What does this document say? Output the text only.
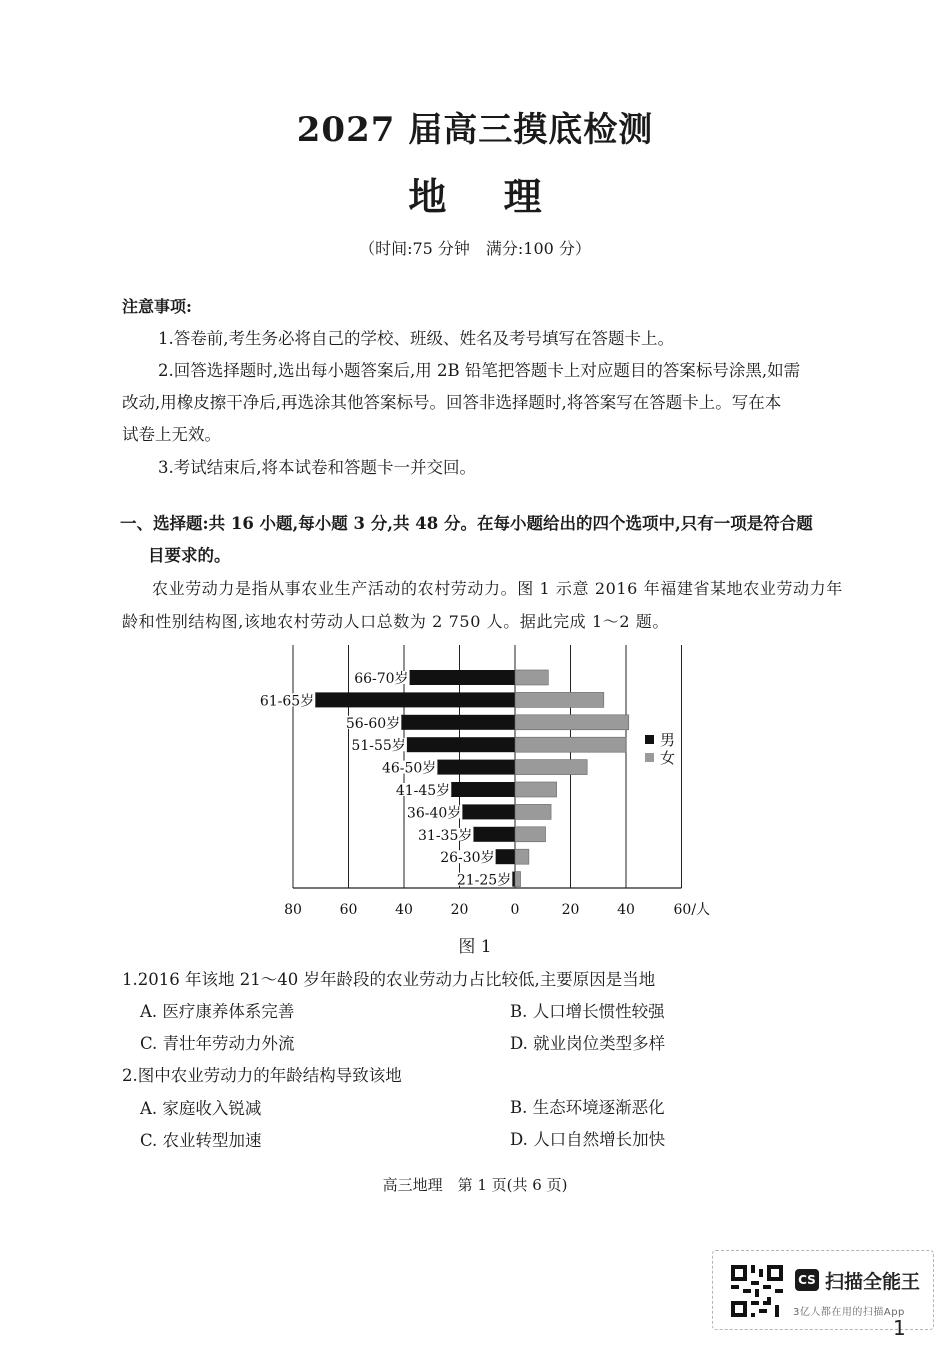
2027 届高三摸底检测
地 理
（时间:75 分钟　满分:100 分）
注意事项:
1.答卷前,考生务必将自己的学校、班级、姓名及考号填写在答题卡上。
2.回答选择题时,选出每小题答案后,用 2B 铅笔把答题卡上对应题目的答案标号涂黑,如需
改动,用橡皮擦干净后,再选涂其他答案标号。回答非选择题时,将答案写在答题卡上。写在本
试卷上无效。
3.考试结束后,将本试卷和答题卡一并交回。
一、选择题:共 16 小题,每小题 3 分,共 48 分。在每小题给出的四个选项中,只有一项是符合题
目要求的。
农业劳动力是指从事农业生产活动的农村劳动力。图 1 示意 2016 年福建省某地农业劳动力年龄和性别结构图,该地农村劳动人口总数为 2 750 人。据此完成 1～2 题。
66-70岁
61-65岁
56-60岁
51-55岁
46-50岁
41-45岁
36-40岁
31-35岁
26-30岁
21-25岁
80	60	40	20	0	20	40	60/人
男
女
图 1
1.2016 年该地 21～40 岁年龄段的农业劳动力占比较低,主要原因是当地
A. 医疗康养体系完善	B. 人口增长惯性较强
C. 青壮年劳动力外流	D. 就业岗位类型多样
2.图中农业劳动力的年龄结构导致该地
A. 家庭收入锐减	B. 生态环境逐渐恶化
C. 农业转型加速	D. 人口自然增长加快
高三地理　第 1 页(共 6 页)
CS 扫描全能王
3亿人都在用的扫描App
1
